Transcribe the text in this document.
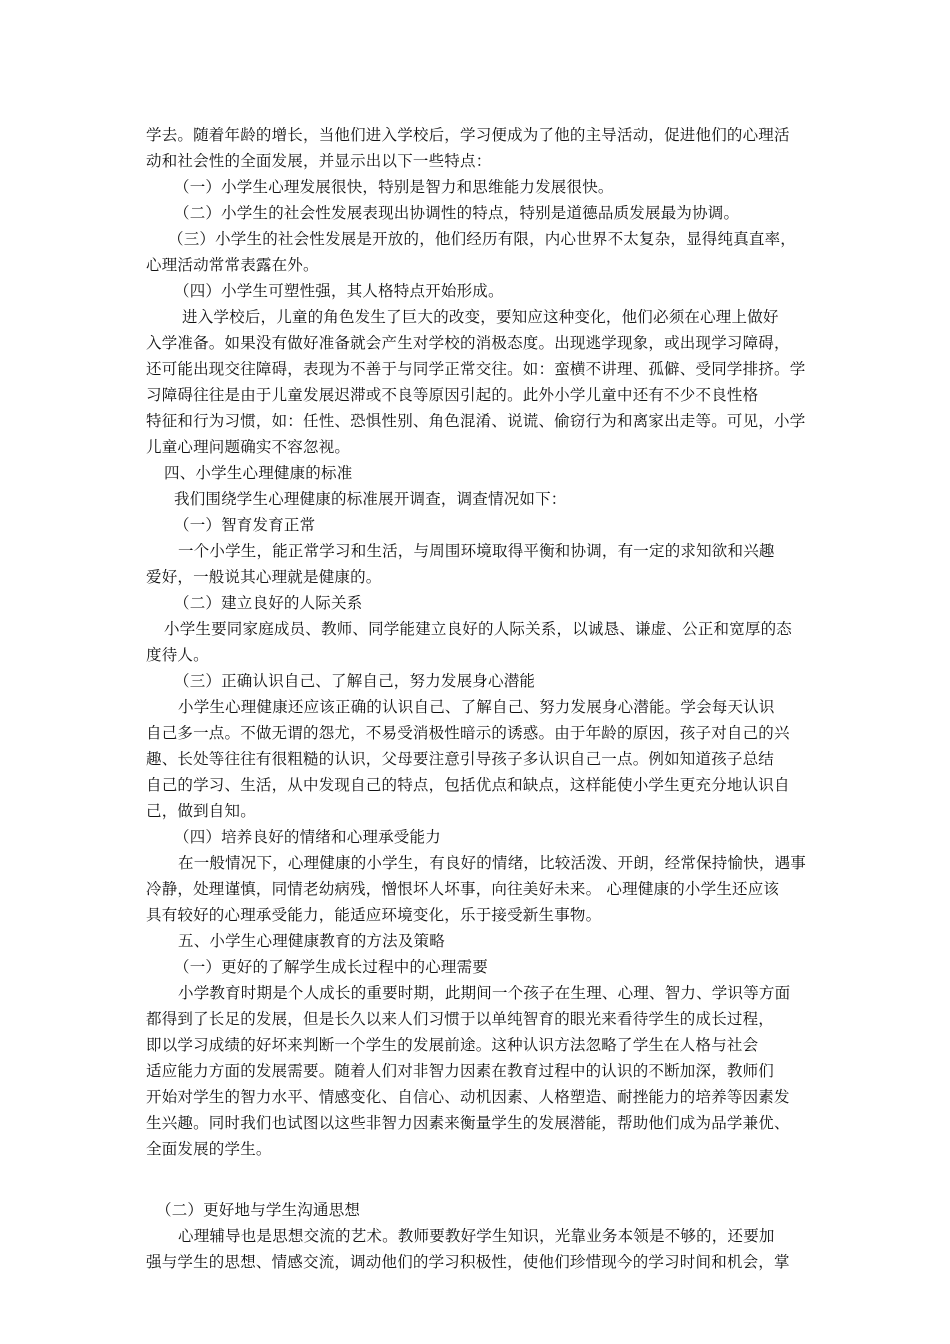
学去。随着年龄的增长，当他们进入学校后，学习便成为了他的主导活动，促进他们的心理活
动和社会性的全面发展，并显示出以下一些特点：
（一）小学生心理发展很快，特别是智力和思维能力发展很快。
（二）小学生的社会性发展表现出协调性的特点，特别是道德品质发展最为协调。
（三）小学生的社会性发展是开放的，他们经历有限，内心世界不太复杂，显得纯真直率，
心理活动常常表露在外。
（四）小学生可塑性强，其人格特点开始形成。
进入学校后，儿童的角色发生了巨大的改变，要知应这种变化，他们必须在心理上做好
入学准备。如果没有做好准备就会产生对学校的消极态度。出现逃学现象，或出现学习障碍，
还可能出现交往障碍，表现为不善于与同学正常交往。如：蛮横不讲理、孤僻、受同学排挤。学
习障碍往往是由于儿童发展迟滞或不良等原因引起的。此外小学儿童中还有不少不良性格
特征和行为习惯，如：任性、恐惧性别、角色混淆、说谎、偷窃行为和离家出走等。可见，小学
儿童心理问题确实不容忽视。
四、小学生心理健康的标准
我们围绕学生心理健康的标准展开调查，调查情况如下：
（一）智育发育正常
一个小学生，能正常学习和生活，与周围环境取得平衡和协调，有一定的求知欲和兴趣
爱好，一般说其心理就是健康的。
（二）建立良好的人际关系
小学生要同家庭成员、教师、同学能建立良好的人际关系，以诚恳、谦虚、公正和宽厚的态
度待人。
（三）正确认识自己、了解自己，努力发展身心潜能
小学生心理健康还应该正确的认识自己、了解自己、努力发展身心潜能。学会每天认识
自己多一点。不做无谓的怨尤，不易受消极性暗示的诱惑。由于年龄的原因，孩子对自己的兴
趣、长处等往往有很粗糙的认识，父母要注意引导孩子多认识自己一点。例如知道孩子总结
自己的学习、生活，从中发现自己的特点，包括优点和缺点，这样能使小学生更充分地认识自
己，做到自知。
（四）培养良好的情绪和心理承受能力
在一般情况下，心理健康的小学生，有良好的情绪，比较活泼、开朗，经常保持愉快，遇事
冷静，处理谨慎，同情老幼病残，憎恨坏人坏事，向往美好未来。 心理健康的小学生还应该
具有较好的心理承受能力，能适应环境变化，乐于接受新生事物。
五、小学生心理健康教育的方法及策略
（一）更好的了解学生成长过程中的心理需要
小学教育时期是个人成长的重要时期，此期间一个孩子在生理、心理、智力、学识等方面
都得到了长足的发展，但是长久以来人们习惯于以单纯智育的眼光来看待学生的成长过程，
即以学习成绩的好坏来判断一个学生的发展前途。这种认识方法忽略了学生在人格与社会
适应能力方面的发展需要。随着人们对非智力因素在教育过程中的认识的不断加深，教师们
开始对学生的智力水平、情感变化、自信心、动机因素、人格塑造、耐挫能力的培养等因素发
生兴趣。同时我们也试图以这些非智力因素来衡量学生的发展潜能，帮助他们成为品学兼优、
全面发展的学生。
（二）更好地与学生沟通思想
心理辅导也是思想交流的艺术。教师要教好学生知识，光靠业务本领是不够的，还要加
强与学生的思想、情感交流，调动他们的学习积极性，使他们珍惜现今的学习时间和机会，掌
